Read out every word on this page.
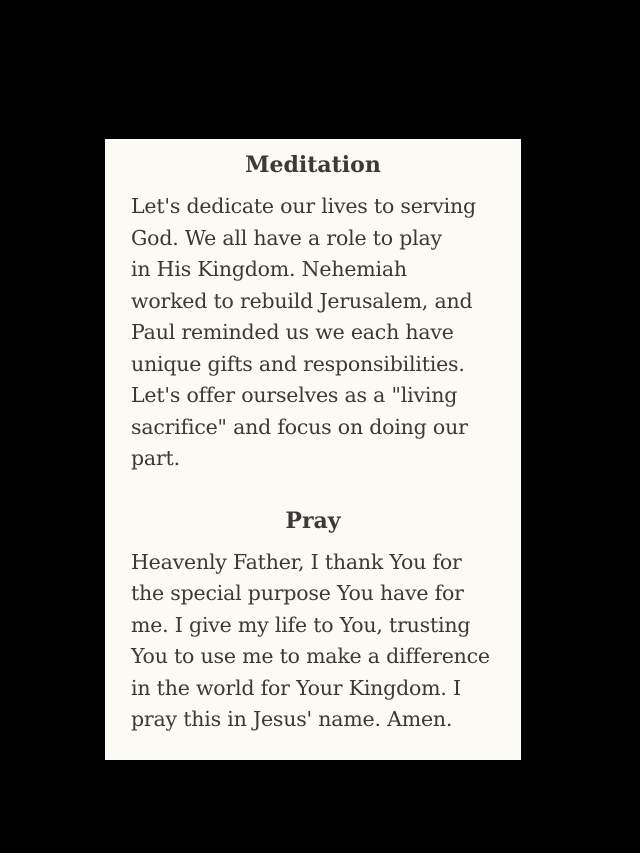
Meditation

Let's dedicate our lives to serving
God. We all have a role to play
in His Kingdom. Nehemiah
worked to rebuild Jerusalem, and
Paul reminded us we each have
unique gifts and responsibilities.
Let's offer ourselves as a "living
sacrifice" and focus on doing our
part.

Pray

Heavenly Father, I thank You for
the special purpose You have for
me. I give my life to You, trusting
You to use me to make a difference
in the world for Your Kingdom. I
pray this in Jesus' name. Amen.
